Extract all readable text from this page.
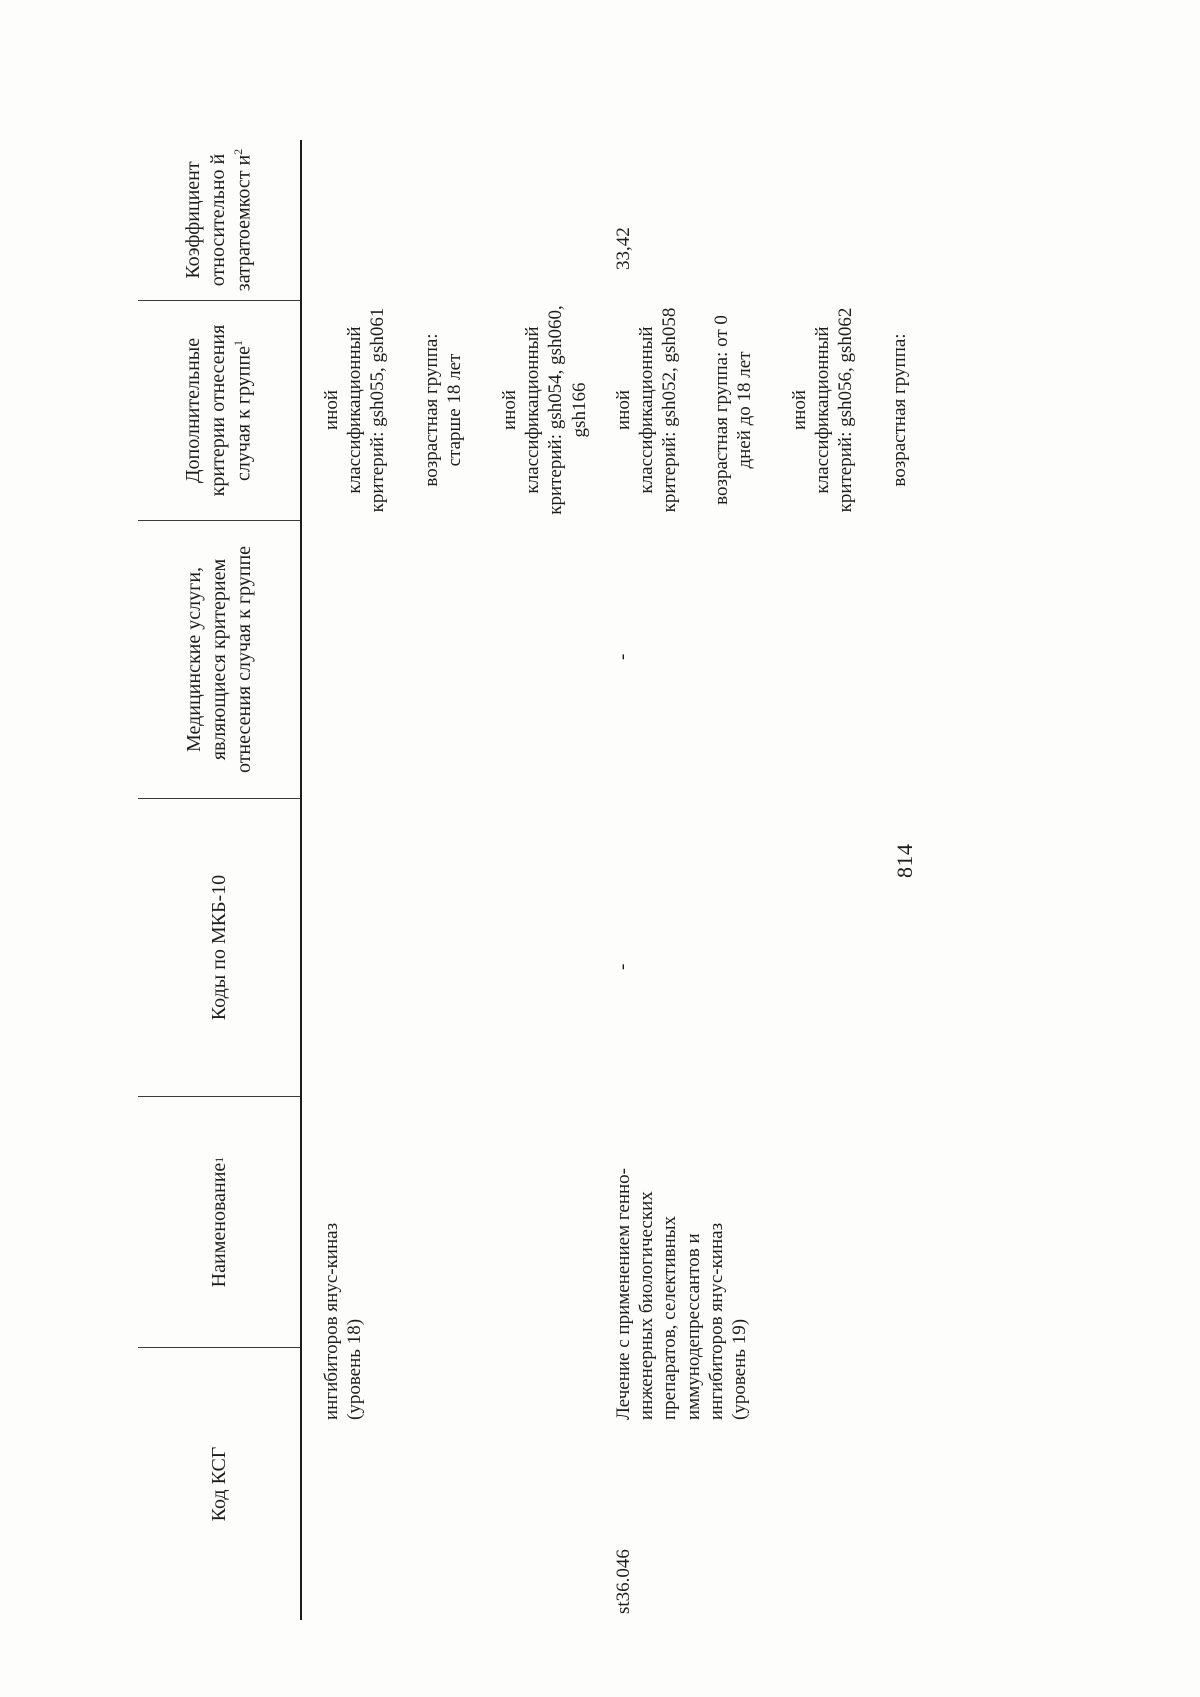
814
Код КСГ
Наименование
1
Коды по МКБ-10
Медицинские услуги, являющиеся критерием отнесения случая к группе
Дополнительные критерии отнесения случая к группе$^1$
Коэффициент относительно й затратоемкост $и^2$
ингибиторов янус-киназ (уровень 18)
иной классификационный критерий: gsh055, gsh061 возрастная группа: старше 18 лет иной классификационный критерий: gsh054, gsh060, gsh166
st36.046
Лечение с применением генно-инженерных биологических препаратов, селективных иммунодепрессантов и ингибиторов янус-киназ (уровень 19)
-
-
иной классификационный критерий: gsh052, gsh058 возрастная группа: от 0 дней до 18 лет иной классификационный критерий: gsh056, gsh062 возрастная группа:
33,42
